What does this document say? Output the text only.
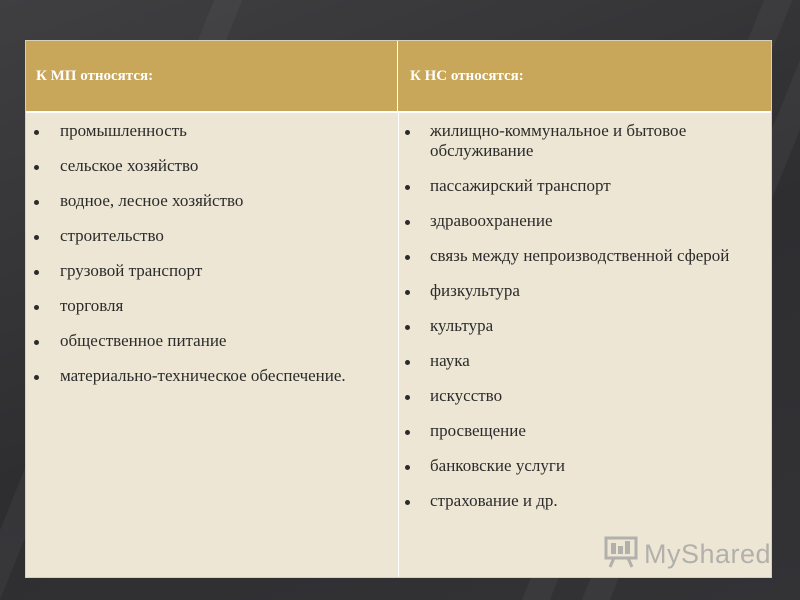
К МП относятся:	К НС относятся:
промышленность
сельское хозяйство
водное, лесное хозяйство
строительство
грузовой транспорт
торговля
общественное питание
материально-техническое обеспечение.
жилищно-коммунальное и бытовое обслуживание
пассажирский транспорт
здравоохранение
связь между непроизводственной сферой
физкультура
культура
наука
искусство
просвещение
банковские услуги
страхование и др.
MyShared
